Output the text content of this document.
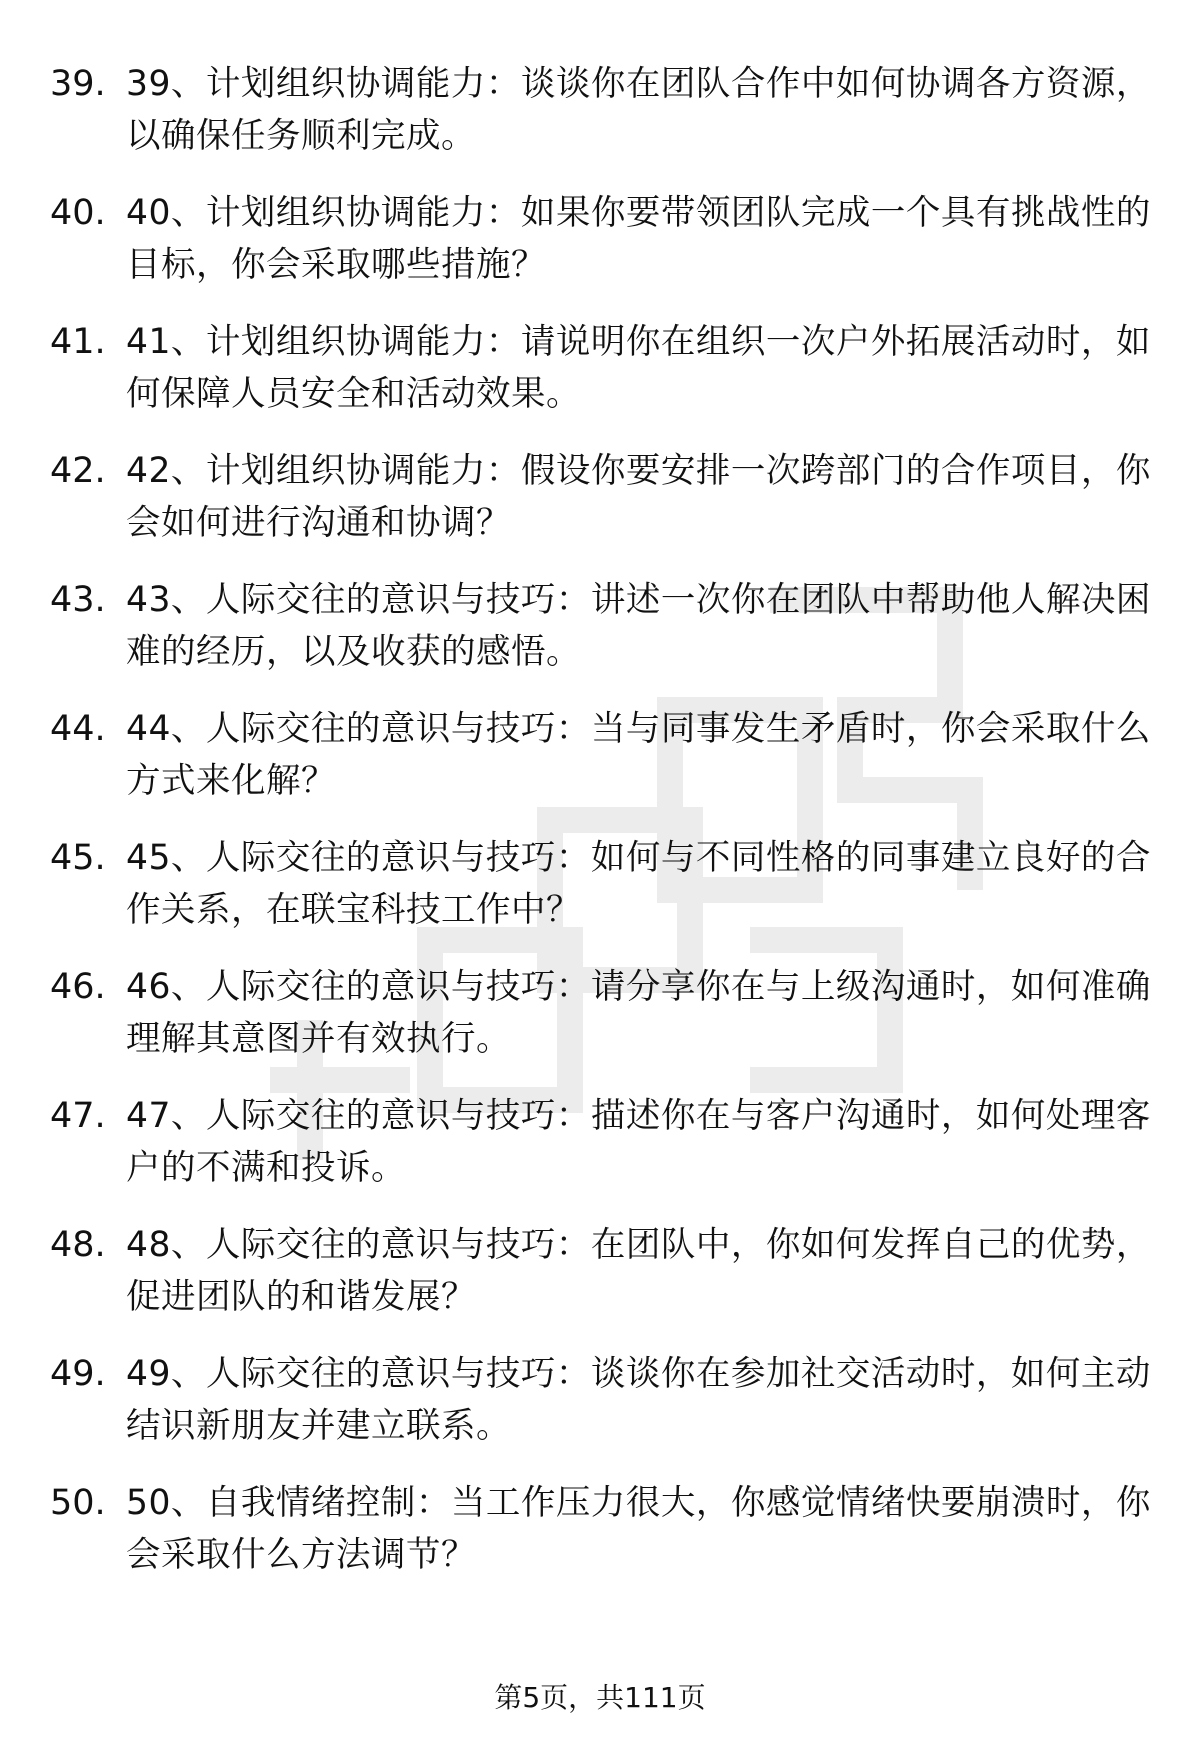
39. 39、计划组织协调能力：谈谈你在团队合作中如何协调各方资源，以确保任务顺利完成。
40. 40、计划组织协调能力：如果你要带领团队完成一个具有挑战性的目标，你会采取哪些措施？
41. 41、计划组织协调能力：请说明你在组织一次户外拓展活动时，如何保障人员安全和活动效果。
42. 42、计划组织协调能力：假设你要安排一次跨部门的合作项目，你会如何进行沟通和协调？
43. 43、人际交往的意识与技巧：讲述一次你在团队中帮助他人解决困难的经历，以及收获的感悟。
44. 44、人际交往的意识与技巧：当与同事发生矛盾时，你会采取什么方式来化解？
45. 45、人际交往的意识与技巧：如何与不同性格的同事建立良好的合作关系，在联宝科技工作中？
46. 46、人际交往的意识与技巧：请分享你在与上级沟通时，如何准确理解其意图并有效执行。
47. 47、人际交往的意识与技巧：描述你在与客户沟通时，如何处理客户的不满和投诉。
48. 48、人际交往的意识与技巧：在团队中，你如何发挥自己的优势，促进团队的和谐发展？
49. 49、人际交往的意识与技巧：谈谈你在参加社交活动时，如何主动结识新朋友并建立联系。
50. 50、自我情绪控制：当工作压力很大，你感觉情绪快要崩溃时，你会采取什么方法调节？
第5页，共111页
